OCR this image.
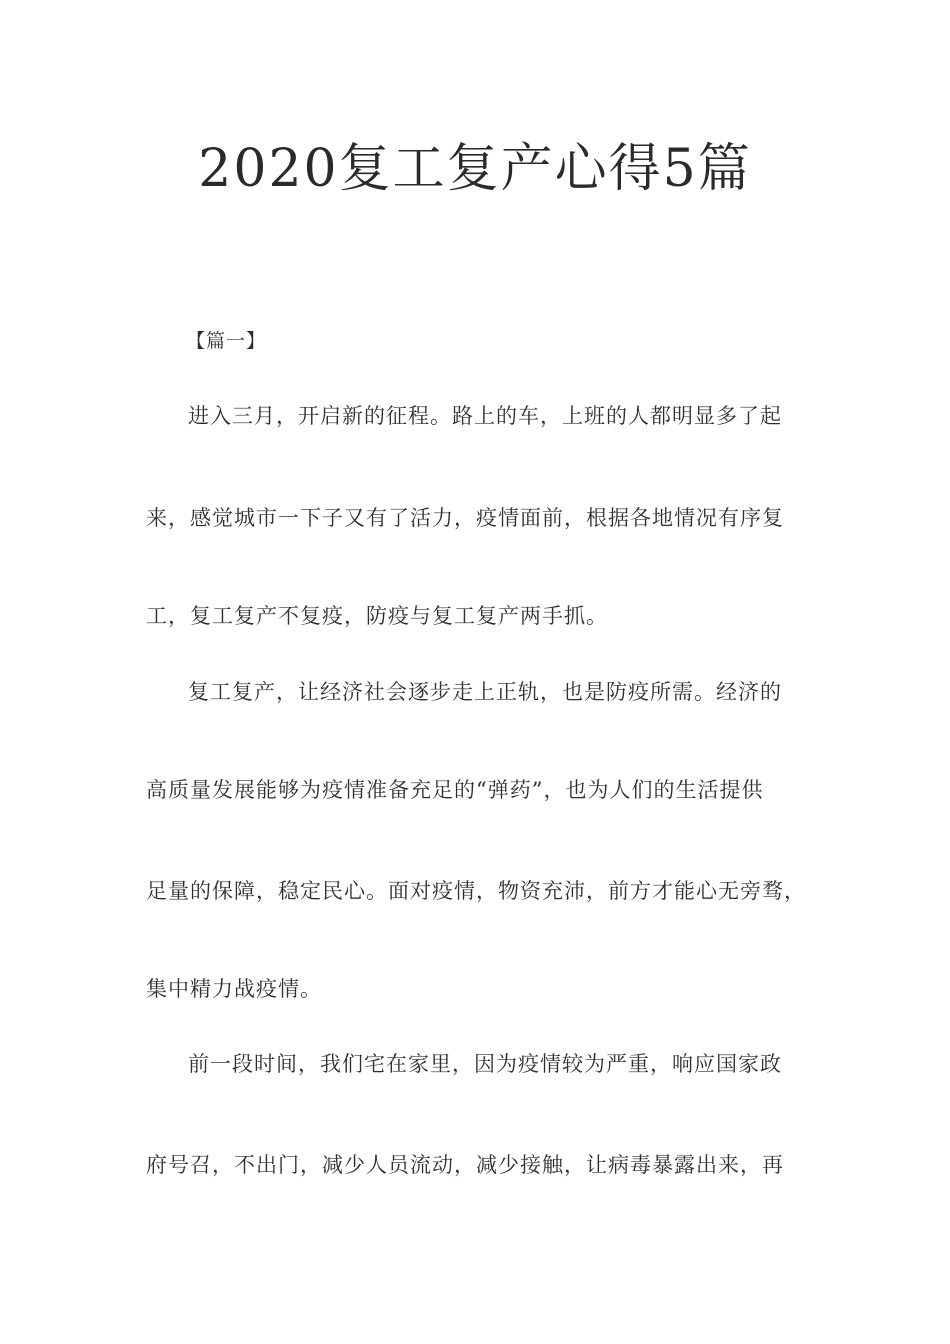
2020复工复产心得5篇
【篇一】
进入三月，开启新的征程。路上的车，上班的人都明显多了起
来，感觉城市一下子又有了活力，疫情面前，根据各地情况有序复
工，复工复产不复疫，防疫与复工复产两手抓。
复工复产，让经济社会逐步走上正轨，也是防疫所需。经济的
高质量发展能够为疫情准备充足的“弹药”，也为人们的生活提供
足量的保障，稳定民心。面对疫情，物资充沛，前方才能心无旁骛，
集中精力战疫情。
前一段时间，我们宅在家里，因为疫情较为严重，响应国家政
府号召，不出门，减少人员流动，减少接触，让病毒暴露出来，再
